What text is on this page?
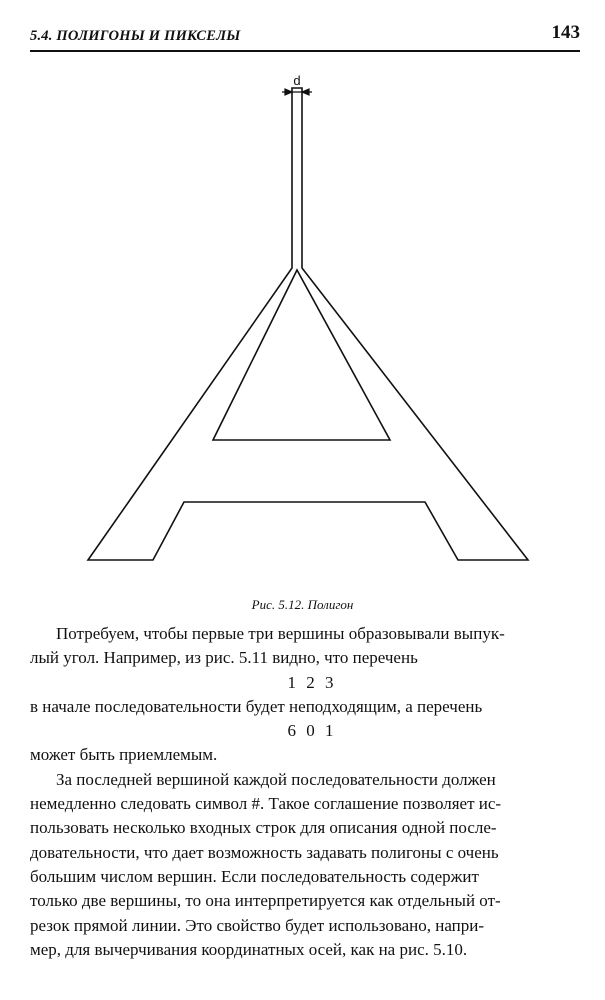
5.4. ПОЛИГОНЫ И ПИКСЕЛЫ	143
d
Рис. 5.12. Полигон

Потребуем, чтобы первые три вершины образовывали выпук-

лый угол. Например, из рис. 5.11 видно, что перечень

1 2 3

в начале последовательности будет неподходящим, а перечень

6 0 1

может быть приемлемым.

За последней вершиной каждой последовательности должен

немедленно следовать символ #. Такое соглашение позволяет ис-

пользовать несколько входных строк для описания одной после-

довательности, что дает возможность задавать полигоны с очень

большим числом вершин. Если последовательность содержит

только две вершины, то она интерпретируется как отдельный от-

резок прямой линии. Это свойство будет использовано, напри-

мер, для вычерчивания координатных осей, как на рис. 5.10.
